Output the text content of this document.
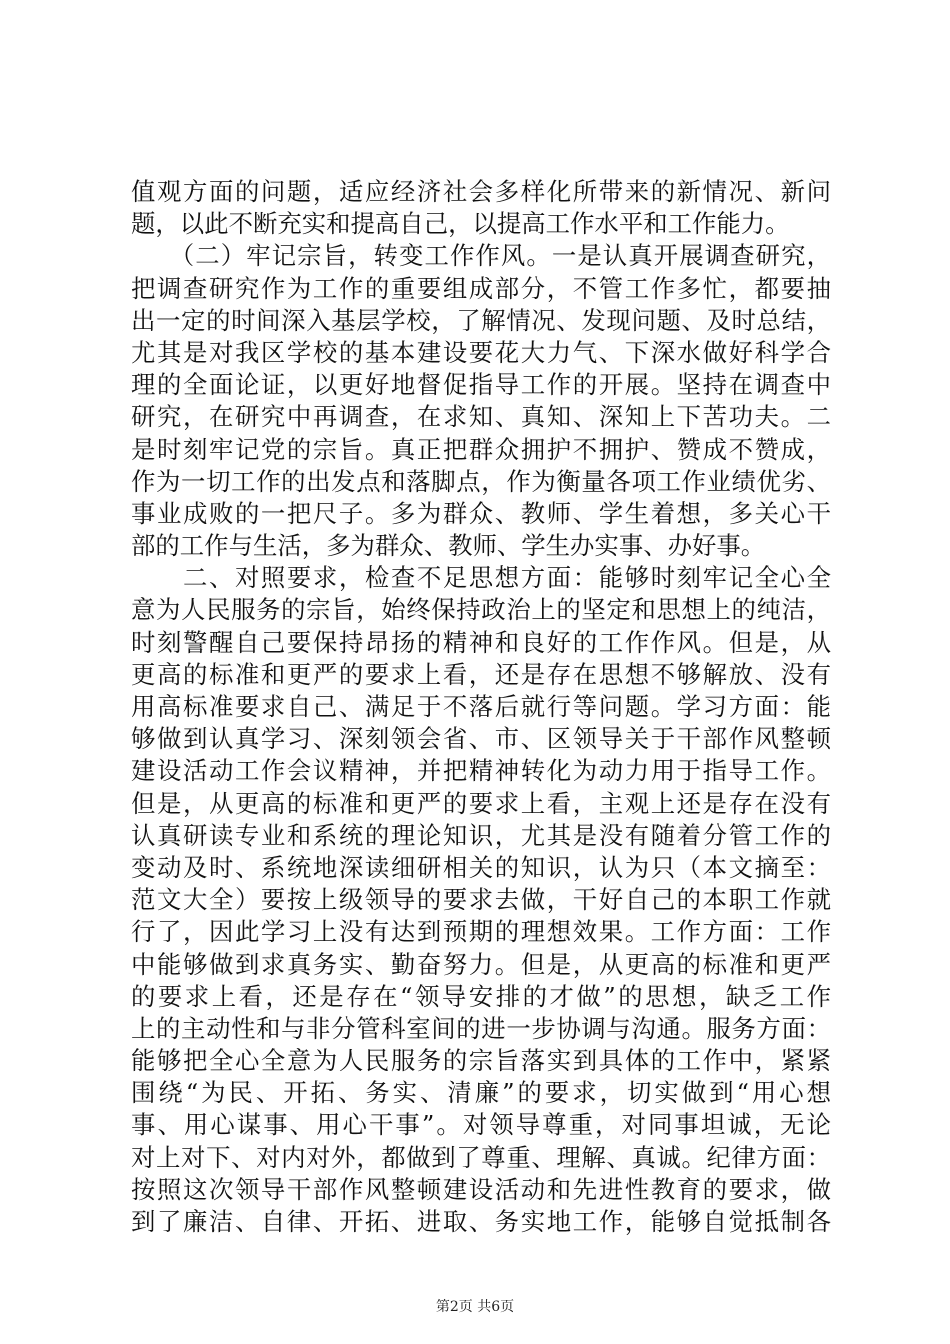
值观方面的问题，适应经济社会多样化所带来的新情况、新问
题，以此不断充实和提高自己，以提高工作水平和工作能力。
　　（二）牢记宗旨，转变工作作风。一是认真开展调查研究，
把调查研究作为工作的重要组成部分，不管工作多忙，都要抽
出一定的时间深入基层学校，了解情况、发现问题、及时总结，
尤其是对我区学校的基本建设要花大力气、下深水做好科学合
理的全面论证，以更好地督促指导工作的开展。坚持在调查中
研究，在研究中再调查，在求知、真知、深知上下苦功夫。二
是时刻牢记党的宗旨。真正把群众拥护不拥护、赞成不赞成，
作为一切工作的出发点和落脚点，作为衡量各项工作业绩优劣、
事业成败的一把尺子。多为群众、教师、学生着想，多关心干
部的工作与生活，多为群众、教师、学生办实事、办好事。
　　二、对照要求，检查不足思想方面：能够时刻牢记全心全
意为人民服务的宗旨，始终保持政治上的坚定和思想上的纯洁，
时刻警醒自己要保持昂扬的精神和良好的工作作风。但是，从
更高的标准和更严的要求上看，还是存在思想不够解放、没有
用高标准要求自己、满足于不落后就行等问题。学习方面：能
够做到认真学习、深刻领会省、市、区领导关于干部作风整顿
建设活动工作会议精神，并把精神转化为动力用于指导工作。
但是，从更高的标准和更严的要求上看，主观上还是存在没有
认真研读专业和系统的理论知识，尤其是没有随着分管工作的
变动及时、系统地深读细研相关的知识，认为只（本文摘至：
范文大全）要按上级领导的要求去做，干好自己的本职工作就
行了，因此学习上没有达到预期的理想效果。工作方面：工作
中能够做到求真务实、勤奋努力。但是，从更高的标准和更严
的要求上看，还是存在“领导安排的才做”的思想，缺乏工作
上的主动性和与非分管科室间的进一步协调与沟通。服务方面：
能够把全心全意为人民服务的宗旨落实到具体的工作中，紧紧
围绕“为民、开拓、务实、清廉”的要求，切实做到“用心想
事、用心谋事、用心干事”。对领导尊重，对同事坦诚，无论
对上对下、对内对外，都做到了尊重、理解、真诚。纪律方面：
按照这次领导干部作风整顿建设活动和先进性教育的要求，做
到了廉洁、自律、开拓、进取、务实地工作，能够自觉抵制各
第2页 共6页
